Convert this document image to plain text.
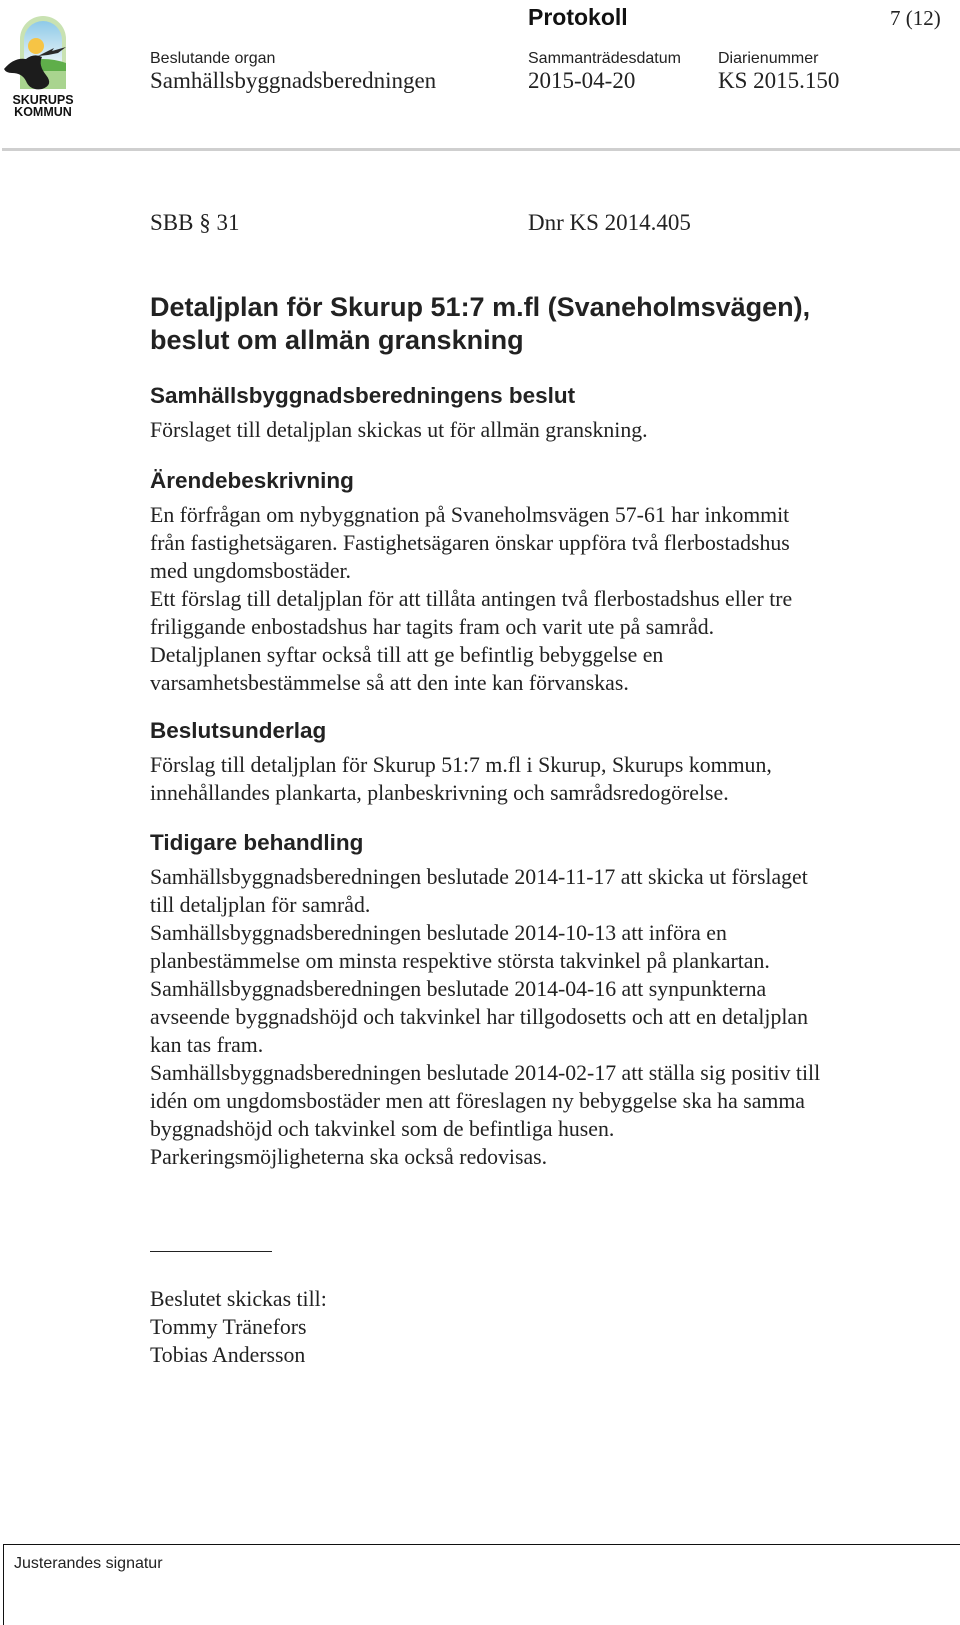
SKURUPS
KOMMUN
Protokoll	7 (12)
Beslutande organ
Samhällsbyggnadsberedningen
Sammanträdesdatum
2015-04-20
Diarienummer
KS 2015.150
SBB § 31	Dnr KS 2014.405
Detaljplan för Skurup 51:7 m.fl (Svaneholmsvägen),
beslut om allmän granskning
Samhällsbyggnadsberedningens beslut
Förslaget till detaljplan skickas ut för allmän granskning.
Ärendebeskrivning
En förfrågan om nybyggnation på Svaneholmsvägen 57-61 har inkommit
från fastighetsägaren. Fastighetsägaren önskar uppföra två flerbostadshus
med ungdomsbostäder.
Ett förslag till detaljplan för att tillåta antingen två flerbostadshus eller tre
friliggande enbostadshus har tagits fram och varit ute på samråd.
Detaljplanen syftar också till att ge befintlig bebyggelse en
varsamhetsbestämmelse så att den inte kan förvanskas.
Beslutsunderlag
Förslag till detaljplan för Skurup 51:7 m.fl i Skurup, Skurups kommun,
innehållandes plankarta, planbeskrivning och samrådsredogörelse.
Tidigare behandling
Samhällsbyggnadsberedningen beslutade 2014-11-17 att skicka ut förslaget
till detaljplan för samråd.
Samhällsbyggnadsberedningen beslutade 2014-10-13 att införa en
planbestämmelse om minsta respektive största takvinkel på plankartan.
Samhällsbyggnadsberedningen beslutade 2014-04-16 att synpunkterna
avseende byggnadshöjd och takvinkel har tillgodosetts och att en detaljplan
kan tas fram.
Samhällsbyggnadsberedningen beslutade 2014-02-17 att ställa sig positiv till
idén om ungdomsbostäder men att föreslagen ny bebyggelse ska ha samma
byggnadshöjd och takvinkel som de befintliga husen.
Parkeringsmöjligheterna ska också redovisas.
Beslutet skickas till:
Tommy Tränefors
Tobias Andersson
Justerandes signatur
